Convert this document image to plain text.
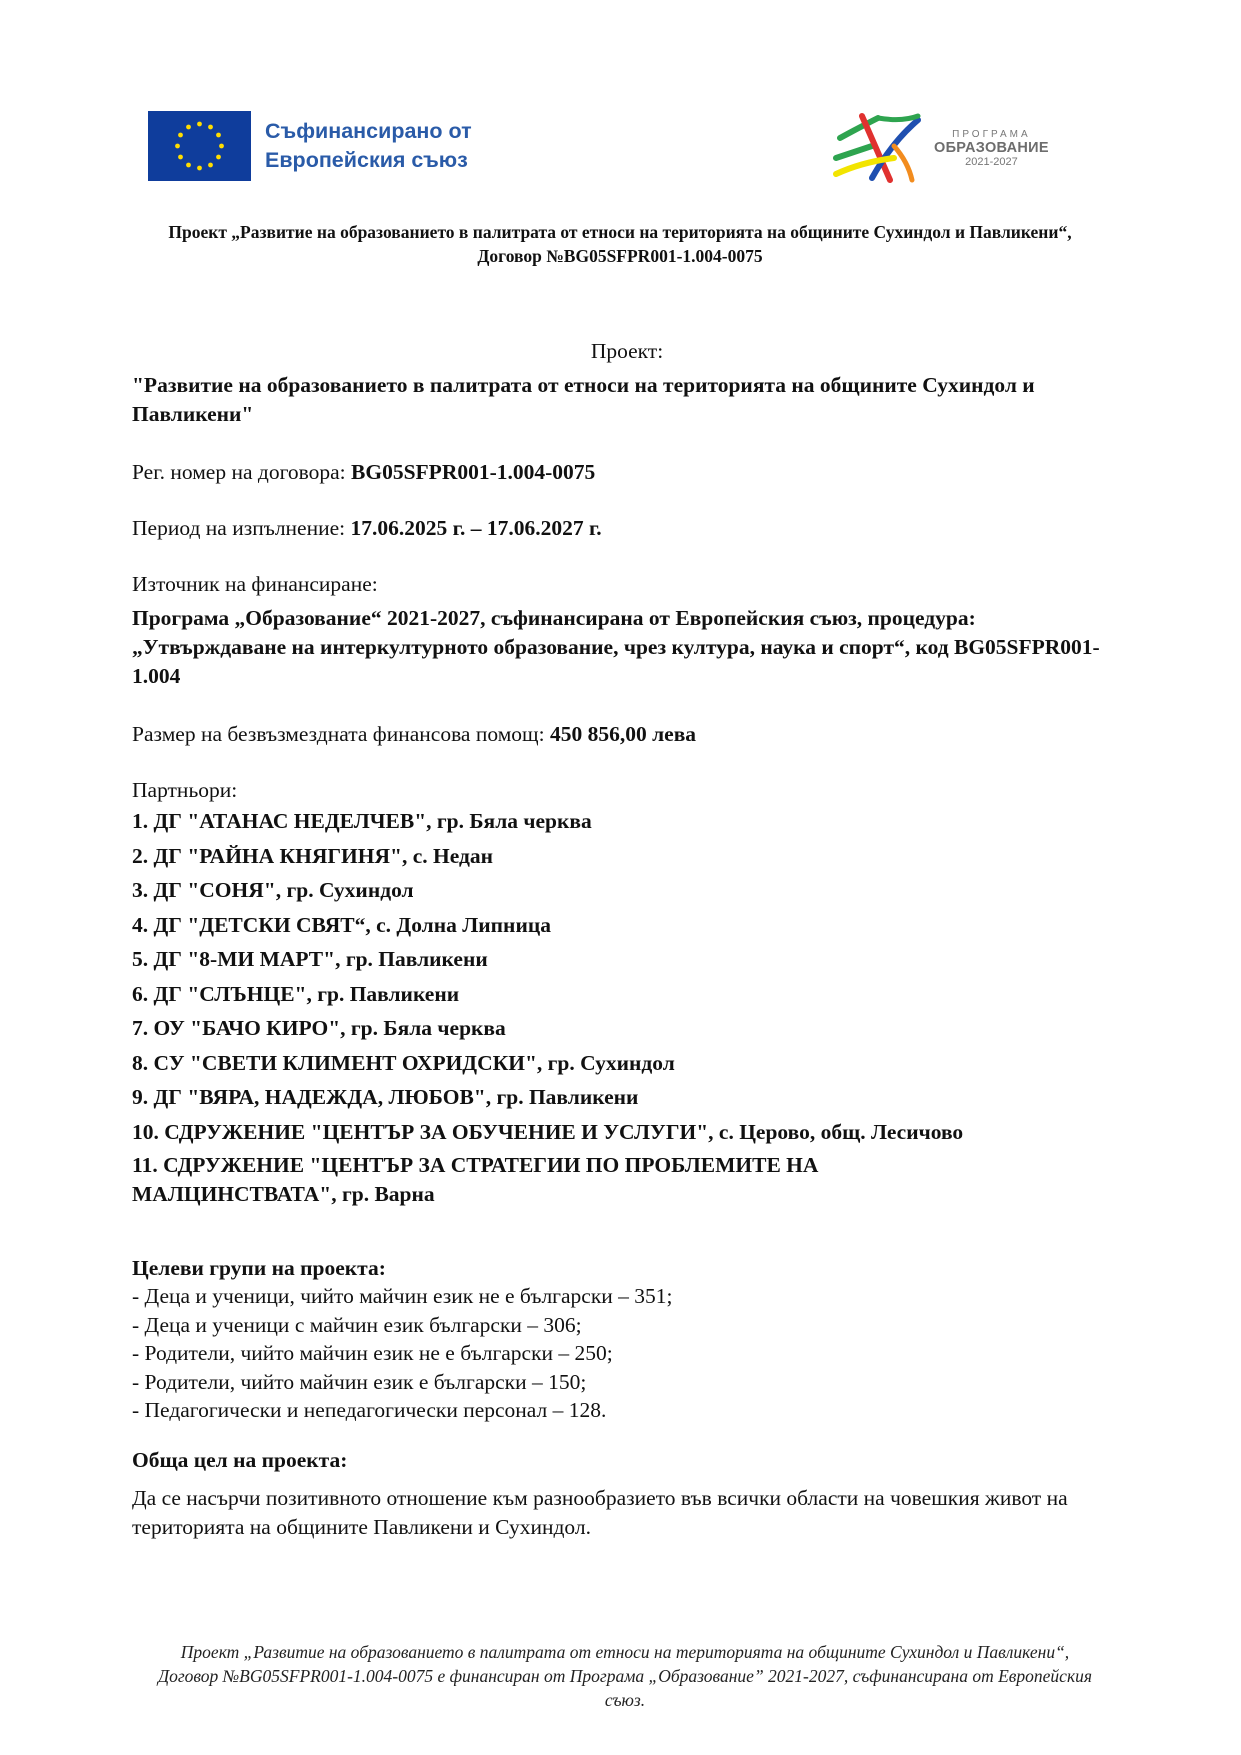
Съфинансирано от
Европейския съюз
ПРОГРАМА
ОБРАЗОВАНИЕ
2021-2027
Проект „Развитие на образованието в палитрата от етноси на територията на общините Сухиндол и Павликени“, Договор №BG05SFPR001-1.004-0075
Проект:
"Развитие на образованието в палитрата от етноси на територията на общините Сухиндол и Павликени"
Рег. номер на договора: BG05SFPR001-1.004-0075
Период на изпълнение: 17.06.2025 г. – 17.06.2027 г.
Източник на финансиране:
Програма „Образование“ 2021-2027, съфинансирана от Европейския съюз, процедура: „Утвърждаване на интеркултурното образование, чрез култура, наука и спорт“, код BG05SFPR001-1.004
Размер на безвъзмездната финансова помощ: 450 856,00 лева
Партньори:
1. ДГ "АТАНАС НЕДЕЛЧЕВ", гр. Бяла черква
2. ДГ "РАЙНА КНЯГИНЯ", с. Недан
3. ДГ "СОНЯ", гр. Сухиндол
4. ДГ "ДЕТСКИ СВЯТ“, с. Долна Липница
5. ДГ "8-МИ МАРТ", гр. Павликени
6. ДГ "СЛЪНЦЕ", гр. Павликени
7. ОУ "БАЧО КИРО", гр. Бяла черква
8. СУ "СВЕТИ КЛИМЕНТ ОХРИДСКИ", гр. Сухиндол
9. ДГ "ВЯРА, НАДЕЖДА, ЛЮБОВ", гр. Павликени
10. СДРУЖЕНИЕ "ЦЕНТЪР ЗА ОБУЧЕНИЕ И УСЛУГИ", с. Церово, общ. Лесичово
11. СДРУЖЕНИЕ "ЦЕНТЪР ЗА СТРАТЕГИИ ПО ПРОБЛЕМИТЕ НА МАЛЦИНСТВАТА", гр. Варна
Целеви групи на проекта:
- Деца и ученици, чийто майчин език не е български – 351;
- Деца и ученици с майчин език български – 306;
- Родители, чийто майчин език не е български – 250;
- Родители, чийто майчин език е български – 150;
- Педагогически и непедагогически персонал – 128.
Обща цел на проекта:
Да се насърчи позитивното отношение към разнообразието във всички области на човешкия живот на територията на общините Павликени и Сухиндол.
Проект „Развитие на образованието в палитрата от етноси на територията на общините Сухиндол и Павликени“, Договор №BG05SFPR001-1.004-0075 е финансиран от Програма „Образование” 2021-2027, съфинансирана от Европейския съюз.
